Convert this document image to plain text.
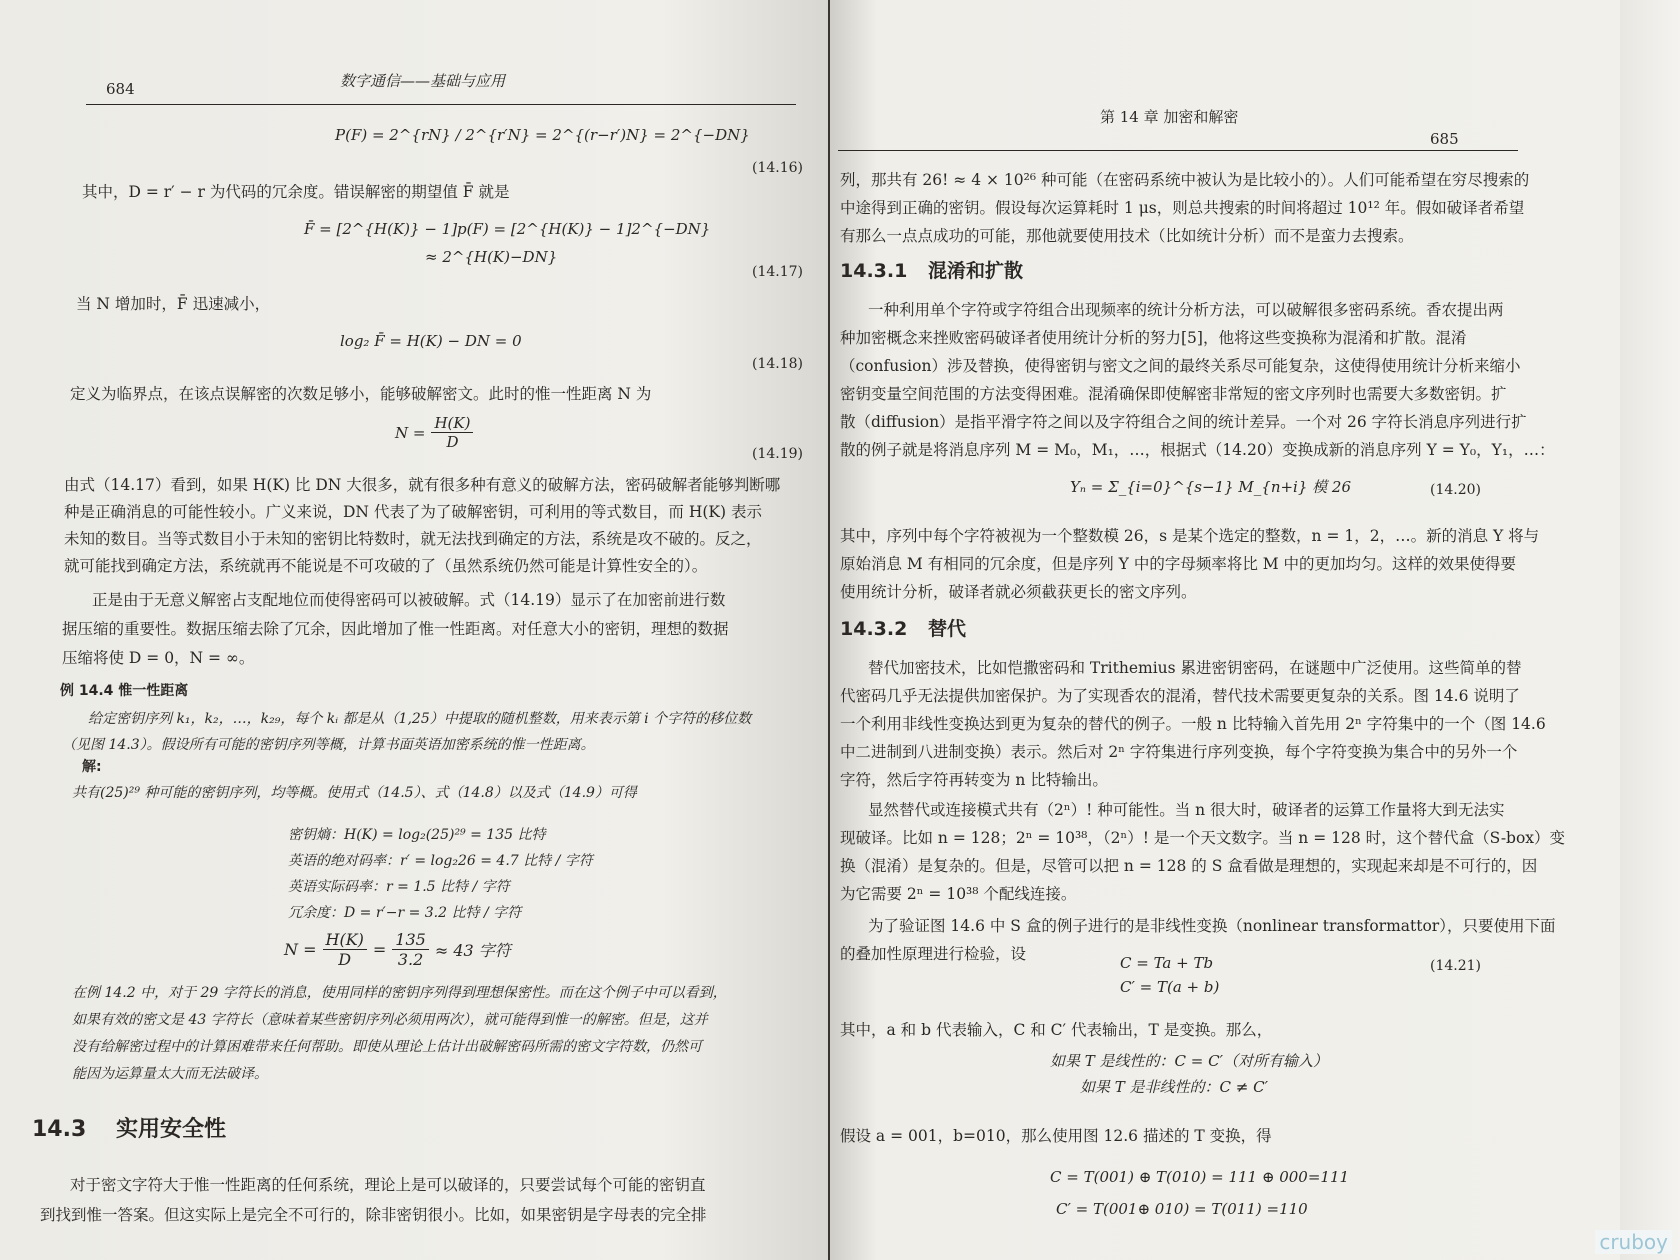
684	数字通信——基础与应用
P(F) = 2^{rN} / 2^{r′N} = 2^{(r−r′)N} = 2^{−DN}
(14.16)
其中，D = r′ − r 为代码的冗余度。错误解密的期望值 F̄ 就是
F̄ = [2^{H(K)} − 1]p(F) = [2^{H(K)} − 1]2^{−DN}
≈ 2^{H(K)−DN}
(14.17)
当 N 增加时，F̄ 迅速减小，
log₂ F̄ = H(K) − DN = 0
(14.18)
定义为临界点，在该点误解密的次数足够小，能够破解密文。此时的惟一性距离 N 为
$N = \frac{H(K)}{D}$
(14.19)
由式（14.17）看到，如果 H(K) 比 DN 大很多，就有很多种有意义的破解方法，密码破解者能够判断哪
种是正确消息的可能性较小。广义来说，DN 代表了为了破解密钥，可利用的等式数目，而 H(K) 表示
未知的数目。当等式数目小于未知的密钥比特数时，就无法找到确定的方法，系统是攻不破的。反之，
就可能找到确定方法，系统就再不能说是不可攻破的了（虽然系统仍然可能是计算性安全的）。
正是由于无意义解密占支配地位而使得密码可以被破解。式（14.19）显示了在加密前进行数
据压缩的重要性。数据压缩去除了冗余，因此增加了惟一性距离。对任意大小的密钥，理想的数据
压缩将使 D = 0，N = ∞。
例 14.4 惟一性距离
给定密钥序列 k₁，k₂，…，k₂₉，每个 kᵢ 都是从（1,25）中提取的随机整数，用来表示第 i 个字符的移位数
（见图 14.3）。假设所有可能的密钥序列等概，计算书面英语加密系统的惟一性距离。
解:
共有(25)²⁹ 种可能的密钥序列，均等概。使用式（14.5）、式（14.8）以及式（14.9）可得
密钥熵：H(K) = log₂(25)²⁹ = 135 比特
英语的绝对码率：r′ = log₂26 = 4.7 比特 / 字符
英语实际码率：r = 1.5 比特 / 字符
冗余度：D = r′−r = 3.2 比特 / 字符
$N = \frac{H(K)}{D} = \frac{135}{3.2} \approx 43$ 字符
在例 14.2 中，对于 29 字符长的消息，使用同样的密钥序列得到理想保密性。而在这个例子中可以看到，
如果有效的密文是 43 字符长（意味着某些密钥序列必须用两次），就可能得到惟一的解密。但是，这并
没有给解密过程中的计算困难带来任何帮助。即使从理论上估计出破解密码所需的密文字符数，仍然可
能因为运算量太大而无法破译。
14.3 实用安全性
对于密文字符大于惟一性距离的任何系统，理论上是可以破译的，只要尝试每个可能的密钥直
到找到惟一答案。但这实际上是完全不可行的，除非密钥很小。比如，如果密钥是字母表的完全排
第 14 章 加密和解密
685
列，那共有 26! ≈ 4 × 10²⁶ 种可能（在密码系统中被认为是比较小的）。人们可能希望在穷尽搜索的
中途得到正确的密钥。假设每次运算耗时 1 μs，则总共搜索的时间将超过 10¹² 年。假如破译者希望
有那么一点点成功的可能，那他就要使用技术（比如统计分析）而不是蛮力去搜索。
14.3.1 混淆和扩散
一种利用单个字符或字符组合出现频率的统计分析方法，可以破解很多密码系统。香农提出两
种加密概念来挫败密码破译者使用统计分析的努力[5]，他将这些变换称为混淆和扩散。混淆
（confusion）涉及替换，使得密钥与密文之间的最终关系尽可能复杂，这使得使用统计分析来缩小
密钥变量空间范围的方法变得困难。混淆确保即使解密非常短的密文序列时也需要大多数密钥。扩
散（diffusion）是指平滑字符之间以及字符组合之间的统计差异。一个对 26 字符长消息序列进行扩
散的例子就是将消息序列 M = M₀，M₁，…，根据式（14.20）变换成新的消息序列 Y = Y₀，Y₁，…：
Yₙ = Σ_{i=0}^{s−1} M_{n+i} 模 26	(14.20)
其中，序列中每个字符被视为一个整数模 26，s 是某个选定的整数，n = 1，2，…。新的消息 Y 将与
原始消息 M 有相同的冗余度，但是序列 Y 中的字母频率将比 M 中的更加均匀。这样的效果使得要
使用统计分析，破译者就必须截获更长的密文序列。
14.3.2 替代
替代加密技术，比如恺撒密码和 Trithemius 累进密钥密码，在谜题中广泛使用。这些简单的替
代密码几乎无法提供加密保护。为了实现香农的混淆，替代技术需要更复杂的关系。图 14.6 说明了
一个利用非线性变换达到更为复杂的替代的例子。一般 n 比特输入首先用 2ⁿ 字符集中的一个（图 14.6
中二进制到八进制变换）表示。然后对 2ⁿ 字符集进行序列变换，每个字符变换为集合中的另外一个
字符，然后字符再转变为 n 比特输出。
显然替代或连接模式共有（2ⁿ）! 种可能性。当 n 很大时，破译者的运算工作量将大到无法实
现破译。比如 n = 128；2ⁿ = 10³⁸，（2ⁿ）! 是一个天文数字。当 n = 128 时，这个替代盒（S-box）变
换（混淆）是复杂的。但是，尽管可以把 n = 128 的 S 盒看做是理想的，实现起来却是不可行的，因
为它需要 2ⁿ = 10³⁸ 个配线连接。
为了验证图 14.6 中 S 盒的例子进行的是非线性变换（nonlinear transformattor），只要使用下面
的叠加性原理进行检验，设	C = Ta + Tb
C′ = T(a + b)
(14.21)
其中，a 和 b 代表输入，C 和 C′ 代表输出，T 是变换。那么，
如果 T 是线性的：C = C′（对所有输入）
如果 T 是非线性的：C ≠ C′
假设 a = 001，b=010，那么使用图 12.6 描述的 T 变换，得
C = T(001) ⊕ T(010) = 111 ⊕ 000=111
C′ = T(001⊕ 010) = T(011) =110
cruboy
